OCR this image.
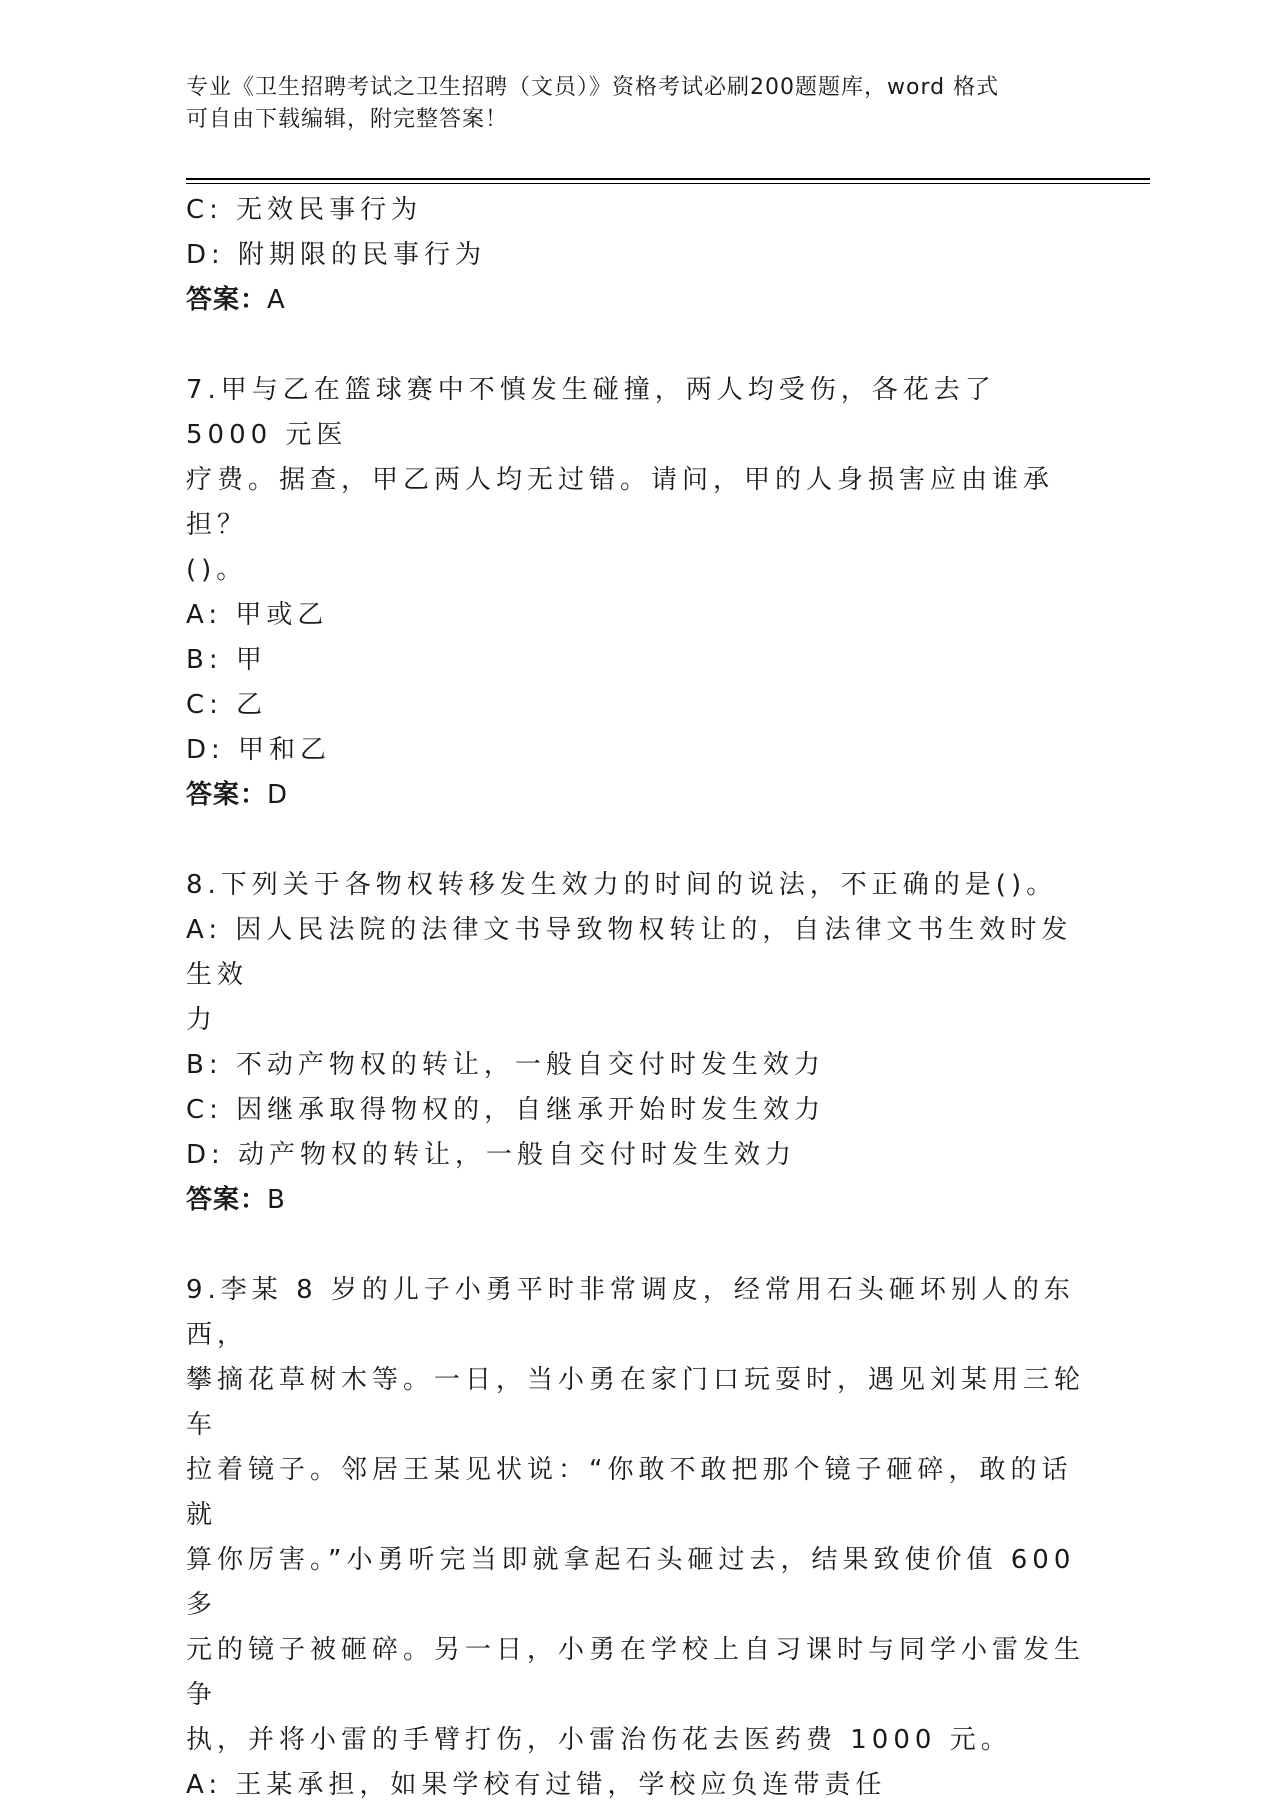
专业《卫生招聘考试之卫生招聘（文员）》资格考试必刷200题题库，word 格式
可自由下载编辑，附完整答案！

C: 无效民事行为

D: 附期限的民事行为

答案：A

7.甲与乙在篮球赛中不慎发生碰撞，两人均受伤，各花去了 5000 元医

疗费。据查，甲乙两人均无过错。请问，甲的人身损害应由谁承担？

()。

A: 甲或乙

B: 甲

C: 乙

D: 甲和乙

答案：D

8.下列关于各物权转移发生效力的时间的说法，不正确的是()。

A: 因人民法院的法律文书导致物权转让的，自法律文书生效时发生效

力

B: 不动产物权的转让，一般自交付时发生效力

C: 因继承取得物权的，自继承开始时发生效力

D: 动产物权的转让，一般自交付时发生效力

答案：B

9.李某 8 岁的儿子小勇平时非常调皮，经常用石头砸坏别人的东西，

攀摘花草树木等。一日，当小勇在家门口玩耍时，遇见刘某用三轮车

拉着镜子。邻居王某见状说：“你敢不敢把那个镜子砸碎，敢的话就

算你厉害。”小勇听完当即就拿起石头砸过去，结果致使价值 600 多

元的镜子被砸碎。另一日，小勇在学校上自习课时与同学小雷发生争

执，并将小雷的手臂打伤，小雷治伤花去医药费 1000 元。

A: 王某承担，如果学校有过错，学校应负连带责任
